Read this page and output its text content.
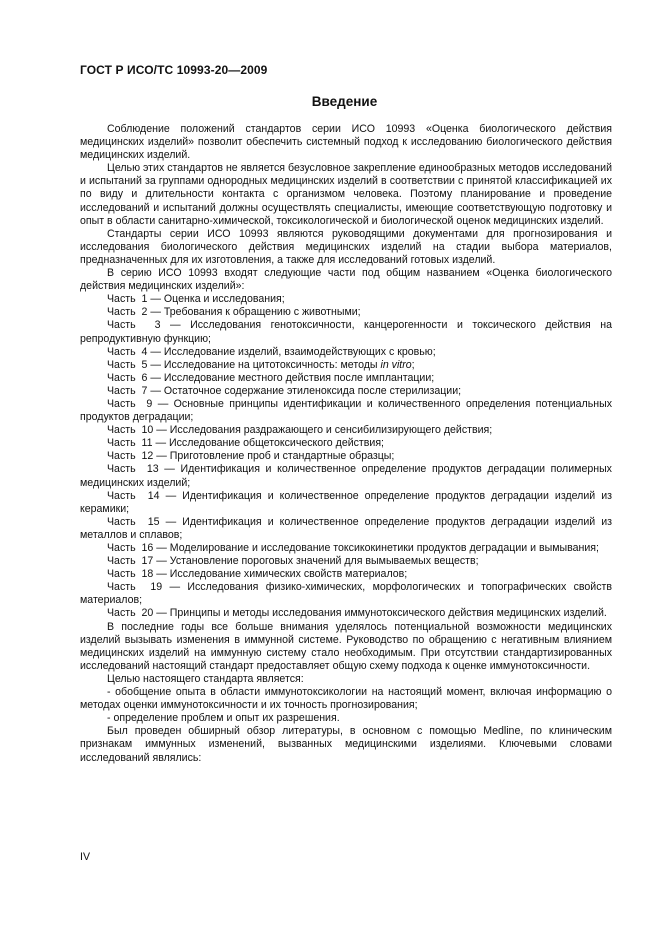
ГОСТ Р ИСО/ТС 10993-20—2009
Введение

Соблюдение положений стандартов серии ИСО 10993 «Оценка биологического действия медицинских изделий» позволит обеспечить системный подход к исследованию биологического действия медицинских изделий.

Целью этих стандартов не является безусловное закрепление единообразных методов исследований и испытаний за группами однородных медицинских изделий в соответствии с принятой классификацией их по виду и длительности контакта с организмом человека. Поэтому планирование и проведение исследований и испытаний должны осуществлять специалисты, имеющие соответствующую подготовку и опыт в области санитарно-химической, токсикологической и биологической оценок медицинских изделий.

Стандарты серии ИСО 10993 являются руководящими документами для прогнозирования и исследования биологического действия медицинских изделий на стадии выбора материалов, предназначенных для их изготовления, а также для исследований готовых изделий.

В серию ИСО 10993 входят следующие части под общим названием «Оценка биологического действия медицинских изделий»:

Часть 1 — Оценка и исследования;

Часть 2 — Требования к обращению с животными;

Часть 3 — Исследования генотоксичности, канцерогенности и токсического действия на репродуктивную функцию;

Часть 4 — Исследование изделий, взаимодействующих с кровью;

Часть 5 — Исследование на цитотоксичность: методы in vitro;

Часть 6 — Исследование местного действия после имплантации;

Часть 7 — Остаточное содержание этиленоксида после стерилизации;

Часть 9 — Основные принципы идентификации и количественного определения потенциальных продуктов деградации;

Часть 10 — Исследования раздражающего и сенсибилизирующего действия;

Часть 11 — Исследование общетоксического действия;

Часть 12 — Приготовление проб и стандартные образцы;

Часть 13 — Идентификация и количественное определение продуктов деградации полимерных медицинских изделий;

Часть 14 — Идентификация и количественное определение продуктов деградации изделий из керамики;

Часть 15 — Идентификация и количественное определение продуктов деградации изделий из металлов и сплавов;

Часть 16 — Моделирование и исследование токсикокинетики продуктов деградации и вымывания;

Часть 17 — Установление пороговых значений для вымываемых веществ;

Часть 18 — Исследование химических свойств материалов;

Часть 19 — Исследования физико-химических, морфологических и топографических свойств материалов;

Часть 20 — Принципы и методы исследования иммунотоксического действия медицинских изделий.

В последние годы все больше внимания уделялось потенциальной возможности медицинских изделий вызывать изменения в иммунной системе. Руководство по обращению с негативным влиянием медицинских изделий на иммунную систему стало необходимым. При отсутствии стандартизированных исследований настоящий стандарт предоставляет общую схему подхода к оценке иммунотоксичности.

Целью настоящего стандарта является:

- обобщение опыта в области иммунотоксикологии на настоящий момент, включая информацию о методах оценки иммунотоксичности и их точность прогнозирования;

- определение проблем и опыт их разрешения.

Был проведен обширный обзор литературы, в основном с помощью Medline, по клиническим признакам иммунных изменений, вызванных медицинскими изделиями. Ключевыми словами исследований являлись:

IV
